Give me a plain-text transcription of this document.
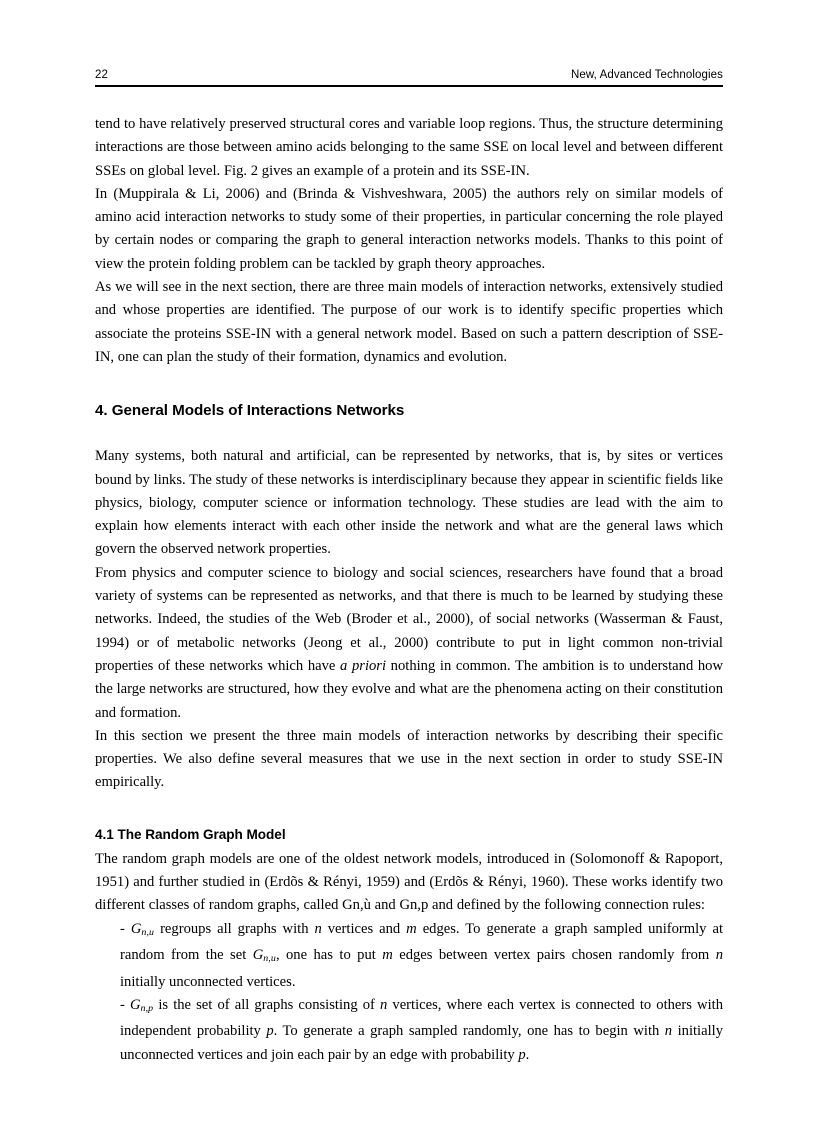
22	New, Advanced Technologies

tend to have relatively preserved structural cores and variable loop regions. Thus, the structure determining interactions are those between amino acids belonging to the same SSE on local level and between different SSEs on global level. Fig. 2 gives an example of a protein and its SSE-IN.

In (Muppirala & Li, 2006) and (Brinda & Vishveshwara, 2005) the authors rely on similar models of amino acid interaction networks to study some of their properties, in particular concerning the role played by certain nodes or comparing the graph to general interaction networks models. Thanks to this point of view the protein folding problem can be tackled by graph theory approaches.

As we will see in the next section, there are three main models of interaction networks, extensively studied and whose properties are identified. The purpose of our work is to identify specific properties which associate the proteins SSE-IN with a general network model. Based on such a pattern description of SSE-IN, one can plan the study of their formation, dynamics and evolution.

4. General Models of Interactions Networks

Many systems, both natural and artificial, can be represented by networks, that is, by sites or vertices bound by links. The study of these networks is interdisciplinary because they appear in scientific fields like physics, biology, computer science or information technology. These studies are lead with the aim to explain how elements interact with each other inside the network and what are the general laws which govern the observed network properties.

From physics and computer science to biology and social sciences, researchers have found that a broad variety of systems can be represented as networks, and that there is much to be learned by studying these networks. Indeed, the studies of the Web (Broder et al., 2000), of social networks (Wasserman & Faust, 1994) or of metabolic networks (Jeong et al., 2000) contribute to put in light common non-trivial properties of these networks which have a priori nothing in common. The ambition is to understand how the large networks are structured, how they evolve and what are the phenomena acting on their constitution and formation.

In this section we present the three main models of interaction networks by describing their specific properties. We also define several measures that we use in the next section in order to study SSE-IN empirically.

4.1 The Random Graph Model

The random graph models are one of the oldest network models, introduced in (Solomonoff & Rapoport, 1951) and further studied in (Erdõs & Rényi, 1959) and (Erdõs & Rényi, 1960). These works identify two different classes of random graphs, called Gn,ù and Gn,p and defined by the following connection rules:

- $G_{n,u}$ regroups all graphs with n vertices and m edges. To generate a graph sampled uniformly at random from the set $G_{n,u}$, one has to put m edges between vertex pairs chosen randomly from n initially unconnected vertices.
- $G_{n,p}$ is the set of all graphs consisting of n vertices, where each vertex is connected to others with independent probability p. To generate a graph sampled randomly, one has to begin with n initially unconnected vertices and join each pair by an edge with probability p.
